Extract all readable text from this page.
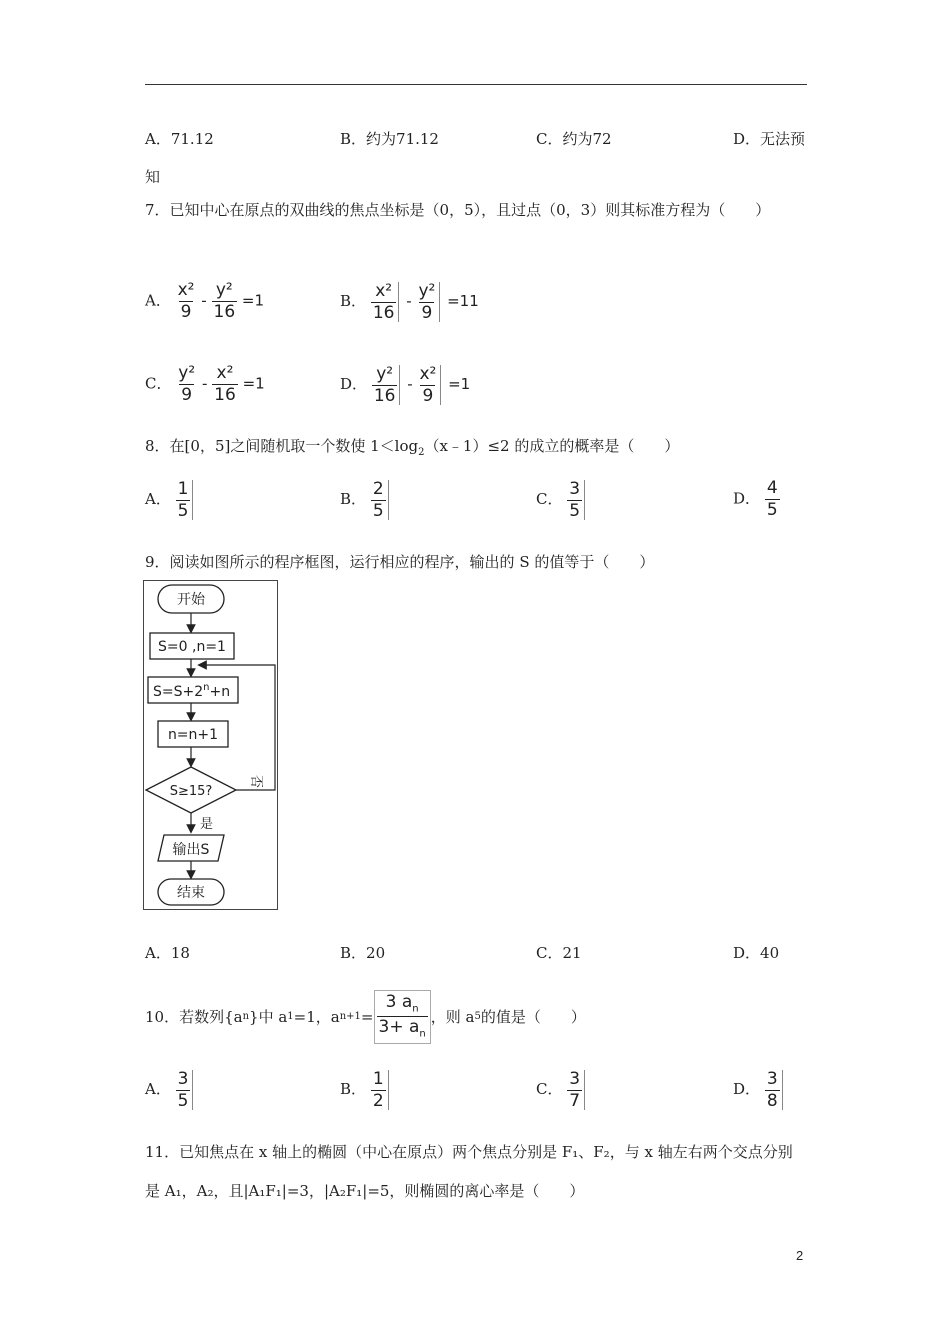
A．71.12	B．约为71.12	C．约为72	D．无法预
知
7．已知中心在原点的双曲线的焦点坐标是（0，5），且过点（0，3）则其标准方程为（　　）
A． $\frac{\text{x²}}{9} - \frac{\text{y²}}{16} =1$	B． $\frac{\text{x²}}{16} - \frac{\text{y²}}{9} =11$
C． $\frac{\text{y²}}{9} - \frac{\text{x²}}{16} =1$	D． $\frac{\text{y²}}{16} - \frac{\text{x²}}{9} =1$
8．在[0，5]之间随机取一个数使 $1<\log_2(x﹣1)\le 2$ 的成立的概率是（　　）
A． $\frac{1}{5}$	B． $\frac{2}{5}$	C． $\frac{3}{5}$	D． $\frac{4}{5}$
9．阅读如图所示的程序框图，运行相应的程序，输出的 S 的值等于（　　）
开始
S=0 ,n=1
$S=S+2^n+n$
n=n+1
S≥15?
否
是
输出S
结束
A．18	B．20	C．21	D．40
10．若数列{a n }中 a 1 =1，a $n+1 = \frac{3 a_n}{3+ a_n}$ ，则 a 5 的值是（　　）
A． $\frac{3}{5}$	B． $\frac{1}{2}$	C． $\frac{3}{7}$	D． $\frac{3}{8}$
11．已知焦点在 x 轴上的椭圆（中心在原点）两个焦点分别是 F₁、F₂，与 x 轴左右两个交点分别
是 A₁，A₂，且|A₁F₁|=3，|A₂F₁|=5，则椭圆的离心率是（　　）
2
